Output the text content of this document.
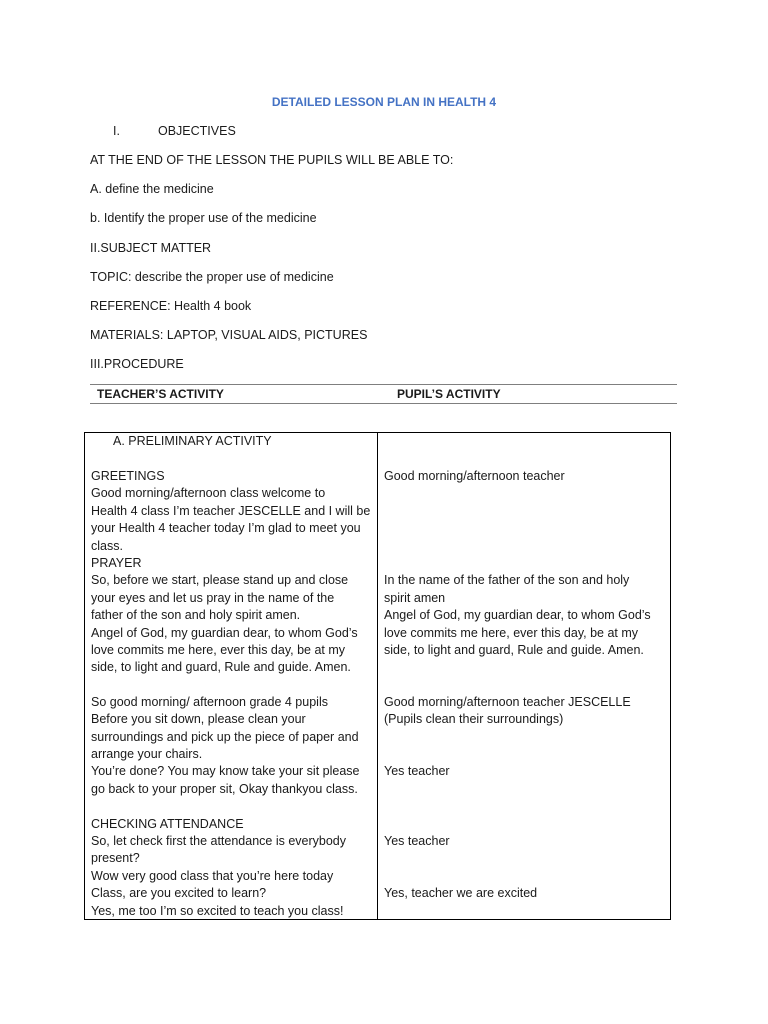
DETAILED LESSON PLAN IN HEALTH 4
I.	OBJECTIVES
AT THE END OF THE LESSON THE PUPILS WILL BE ABLE TO:
A. define the medicine
b. Identify the proper use of the medicine
II.SUBJECT MATTER
TOPIC: describe the proper use of medicine
REFERENCE: Health 4 book
MATERIALS: LAPTOP, VISUAL AIDS, PICTURES
III.PROCEDURE
TEACHER’S ACTIVITY	PUPIL’S ACTIVITY
A. PRELIMINARY ACTIVITY
GREETINGS
Good morning/afternoon class welcome to
Health 4 class I’m teacher JESCELLE and I will be
your Health 4 teacher today I’m glad to meet you
class.
PRAYER
So, before we start, please stand up and close
your eyes and let us pray in the name of the
father of the son and holy spirit amen.
Angel of God, my guardian dear, to whom God’s
love commits me here, ever this day, be at my
side, to light and guard, Rule and guide. Amen.
So good morning/ afternoon grade 4 pupils
Before you sit down, please clean your
surroundings and pick up the piece of paper and
arrange your chairs.
You’re done? You may know take your sit please
go back to your proper sit, Okay thankyou class.
CHECKING ATTENDANCE
So, let check first the attendance is everybody
present?
Wow very good class that you’re here today
Class, are you excited to learn?
Yes, me too I’m so excited to teach you class!
Good morning/afternoon teacher
In the name of the father of the son and holy
spirit amen
Angel of God, my guardian dear, to whom God’s
love commits me here, ever this day, be at my
side, to light and guard, Rule and guide. Amen.
Good morning/afternoon teacher JESCELLE
(Pupils clean their surroundings)
Yes teacher
Yes teacher
Yes, teacher we are excited
